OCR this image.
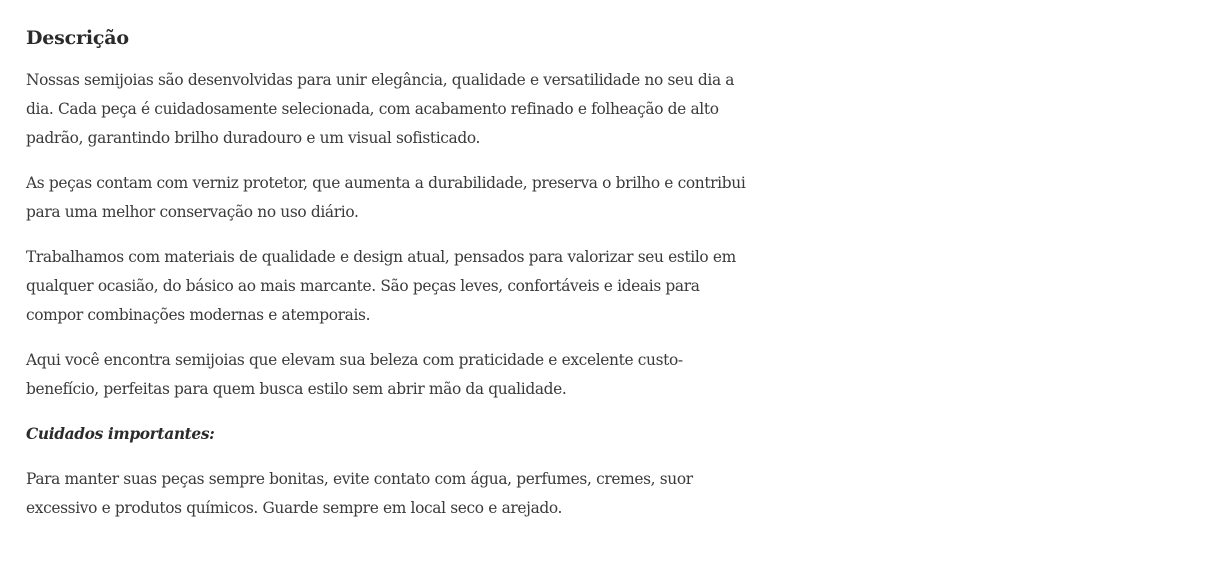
Descrição

Nossas semijoias são desenvolvidas para unir elegância, qualidade e versatilidade no seu dia a dia. Cada peça é cuidadosamente selecionada, com acabamento refinado e folheação de alto padrão, garantindo brilho duradouro e um visual sofisticado.

As peças contam com verniz protetor, que aumenta a durabilidade, preserva o brilho e contribui para uma melhor conservação no uso diário.

Trabalhamos com materiais de qualidade e design atual, pensados para valorizar seu estilo em qualquer ocasião, do básico ao mais marcante. São peças leves, confortáveis e ideais para compor combinações modernas e atemporais.

Aqui você encontra semijoias que elevam sua beleza com praticidade e excelente custo-benefício, perfeitas para quem busca estilo sem abrir mão da qualidade.

Cuidados importantes:

Para manter suas peças sempre bonitas, evite contato com água, perfumes, cremes, suor excessivo e produtos químicos. Guarde sempre em local seco e arejado.
